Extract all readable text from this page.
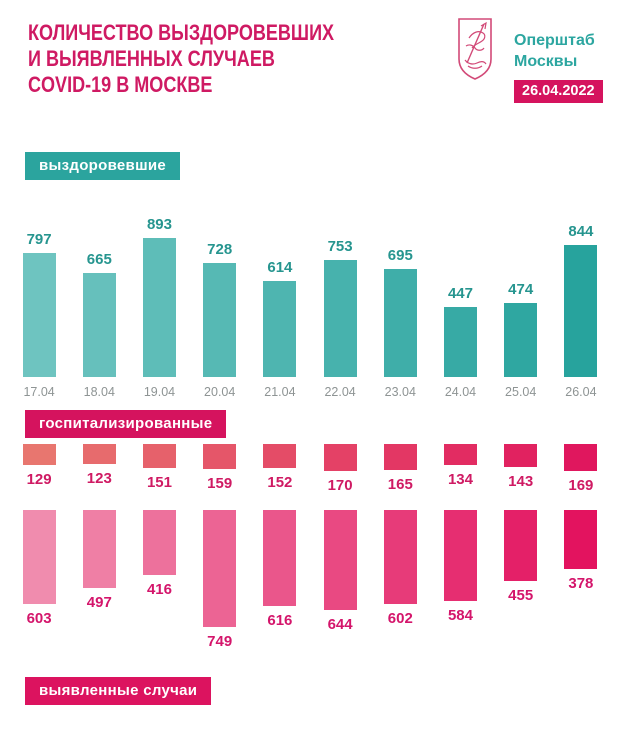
КОЛИЧЕСТВО ВЫЗДОРОВЕВШИХ
И ВЫЯВЛЕННЫХ СЛУЧАЕВ
COVID-19 В МОСКВЕ
Оперштаб
Москвы
26.04.2022
выздоровевшие
797
17.04
665
18.04
893
19.04
728
20.04
614
21.04
753
22.04
695
23.04
447
24.04
474
25.04
844
26.04
госпитализированные
129 123 151 159 152 170 165 134 143 169
603
497
416
749
616 644 602 584
455
378
выявленные случаи
